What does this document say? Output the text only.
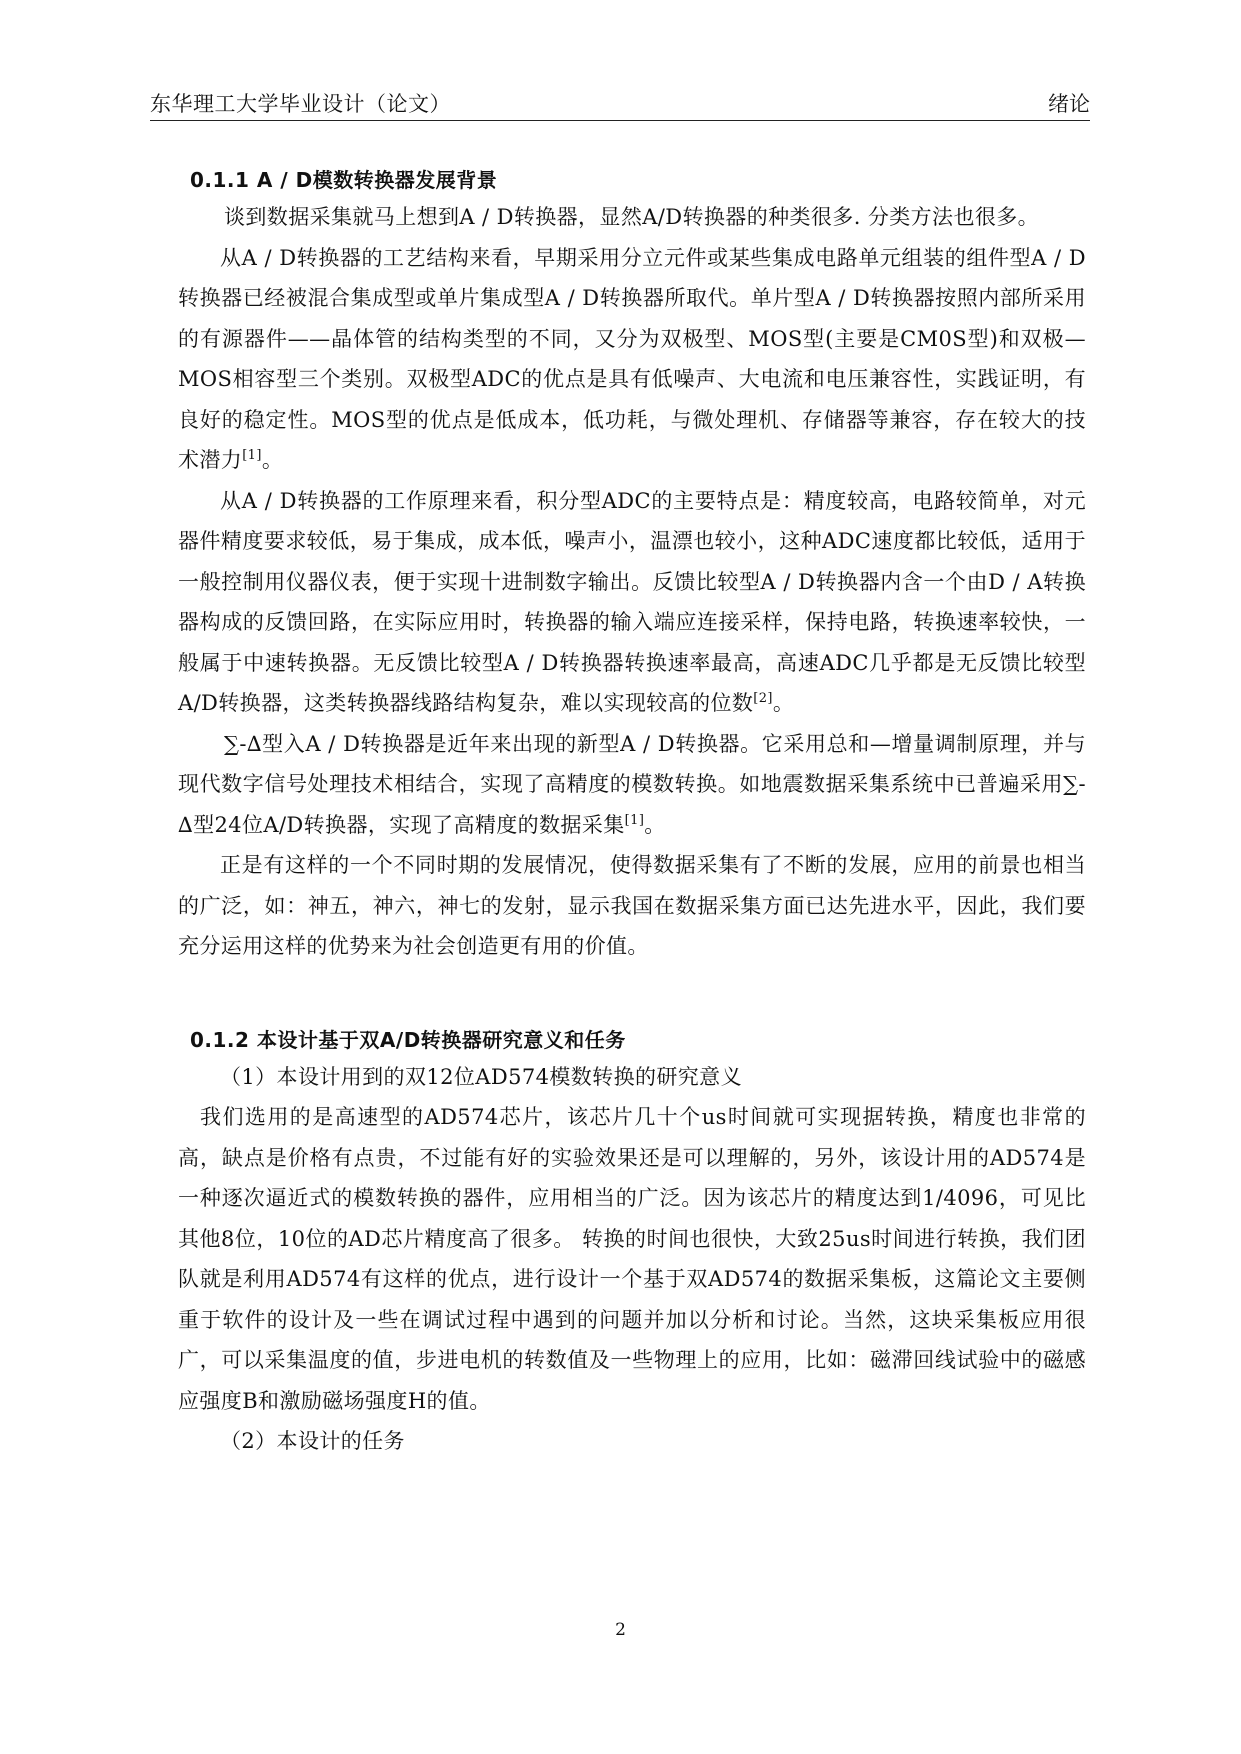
东华理工大学毕业设计（论文）	绪论
0.1.1 A / D模数转换器发展背景

谈到数据采集就马上想到A / D转换器，显然A/D转换器的种类很多. 分类方法也很多。

从A / D转换器的工艺结构来看，早期采用分立元件或某些集成电路单元组装的组件型A / D转换器已经被混合集成型或单片集成型A / D转换器所取代。单片型A / D转换器按照内部所采用的有源器件——晶体管的结构类型的不同，又分为双极型、MOS型(主要是CM0S型)和双极—MOS相容型三个类别。双极型ADC的优点是具有低噪声、大电流和电压兼容性，实践证明，有良好的稳定性。MOS型的优点是低成本，低功耗，与微处理机、存储器等兼容，存在较大的技术潜力[1]。

从A / D转换器的工作原理来看，积分型ADC的主要特点是：精度较高，电路较简单，对元器件精度要求较低，易于集成，成本低，噪声小，温漂也较小，这种ADC速度都比较低，适用于一般控制用仪器仪表，便于实现十进制数字输出。反馈比较型A / D转换器内含一个由D / A转换器构成的反馈回路，在实际应用时，转换器的输入端应连接采样，保持电路，转换速率较快，一般属于中速转换器。无反馈比较型A / D转换器转换速率最高，高速ADC几乎都是无反馈比较型A/D转换器，这类转换器线路结构复杂，难以实现较高的位数[2]。

∑-∆型入A / D转换器是近年来出现的新型A / D转换器。它采用总和—增量调制原理，并与现代数字信号处理技术相结合，实现了高精度的模数转换。如地震数据采集系统中已普遍采用∑-∆型24位A/D转换器，实现了高精度的数据采集[1]。

正是有这样的一个不同时期的发展情况，使得数据采集有了不断的发展，应用的前景也相当的广泛，如：神五，神六，神七的发射，显示我国在数据采集方面已达先进水平，因此，我们要充分运用这样的优势来为社会创造更有用的价值。

0.1.2 本设计基于双A/D转换器研究意义和任务

（1）本设计用到的双12位AD574模数转换的研究意义

我们选用的是高速型的AD574芯片，该芯片几十个us时间就可实现据转换，精度也非常的高，缺点是价格有点贵，不过能有好的实验效果还是可以理解的，另外，该设计用的AD574是一种逐次逼近式的模数转换的器件，应用相当的广泛。因为该芯片的精度达到1/4096，可见比其他8位，10位的AD芯片精度高了很多。 转换的时间也很快，大致25us时间进行转换，我们团队就是利用AD574有这样的优点，进行设计一个基于双AD574的数据采集板，这篇论文主要侧重于软件的设计及一些在调试过程中遇到的问题并加以分析和讨论。当然，这块采集板应用很广，可以采集温度的值，步进电机的转数值及一些物理上的应用，比如：磁滞回线试验中的磁感应强度B和激励磁场强度H的值。

（2）本设计的任务

2
